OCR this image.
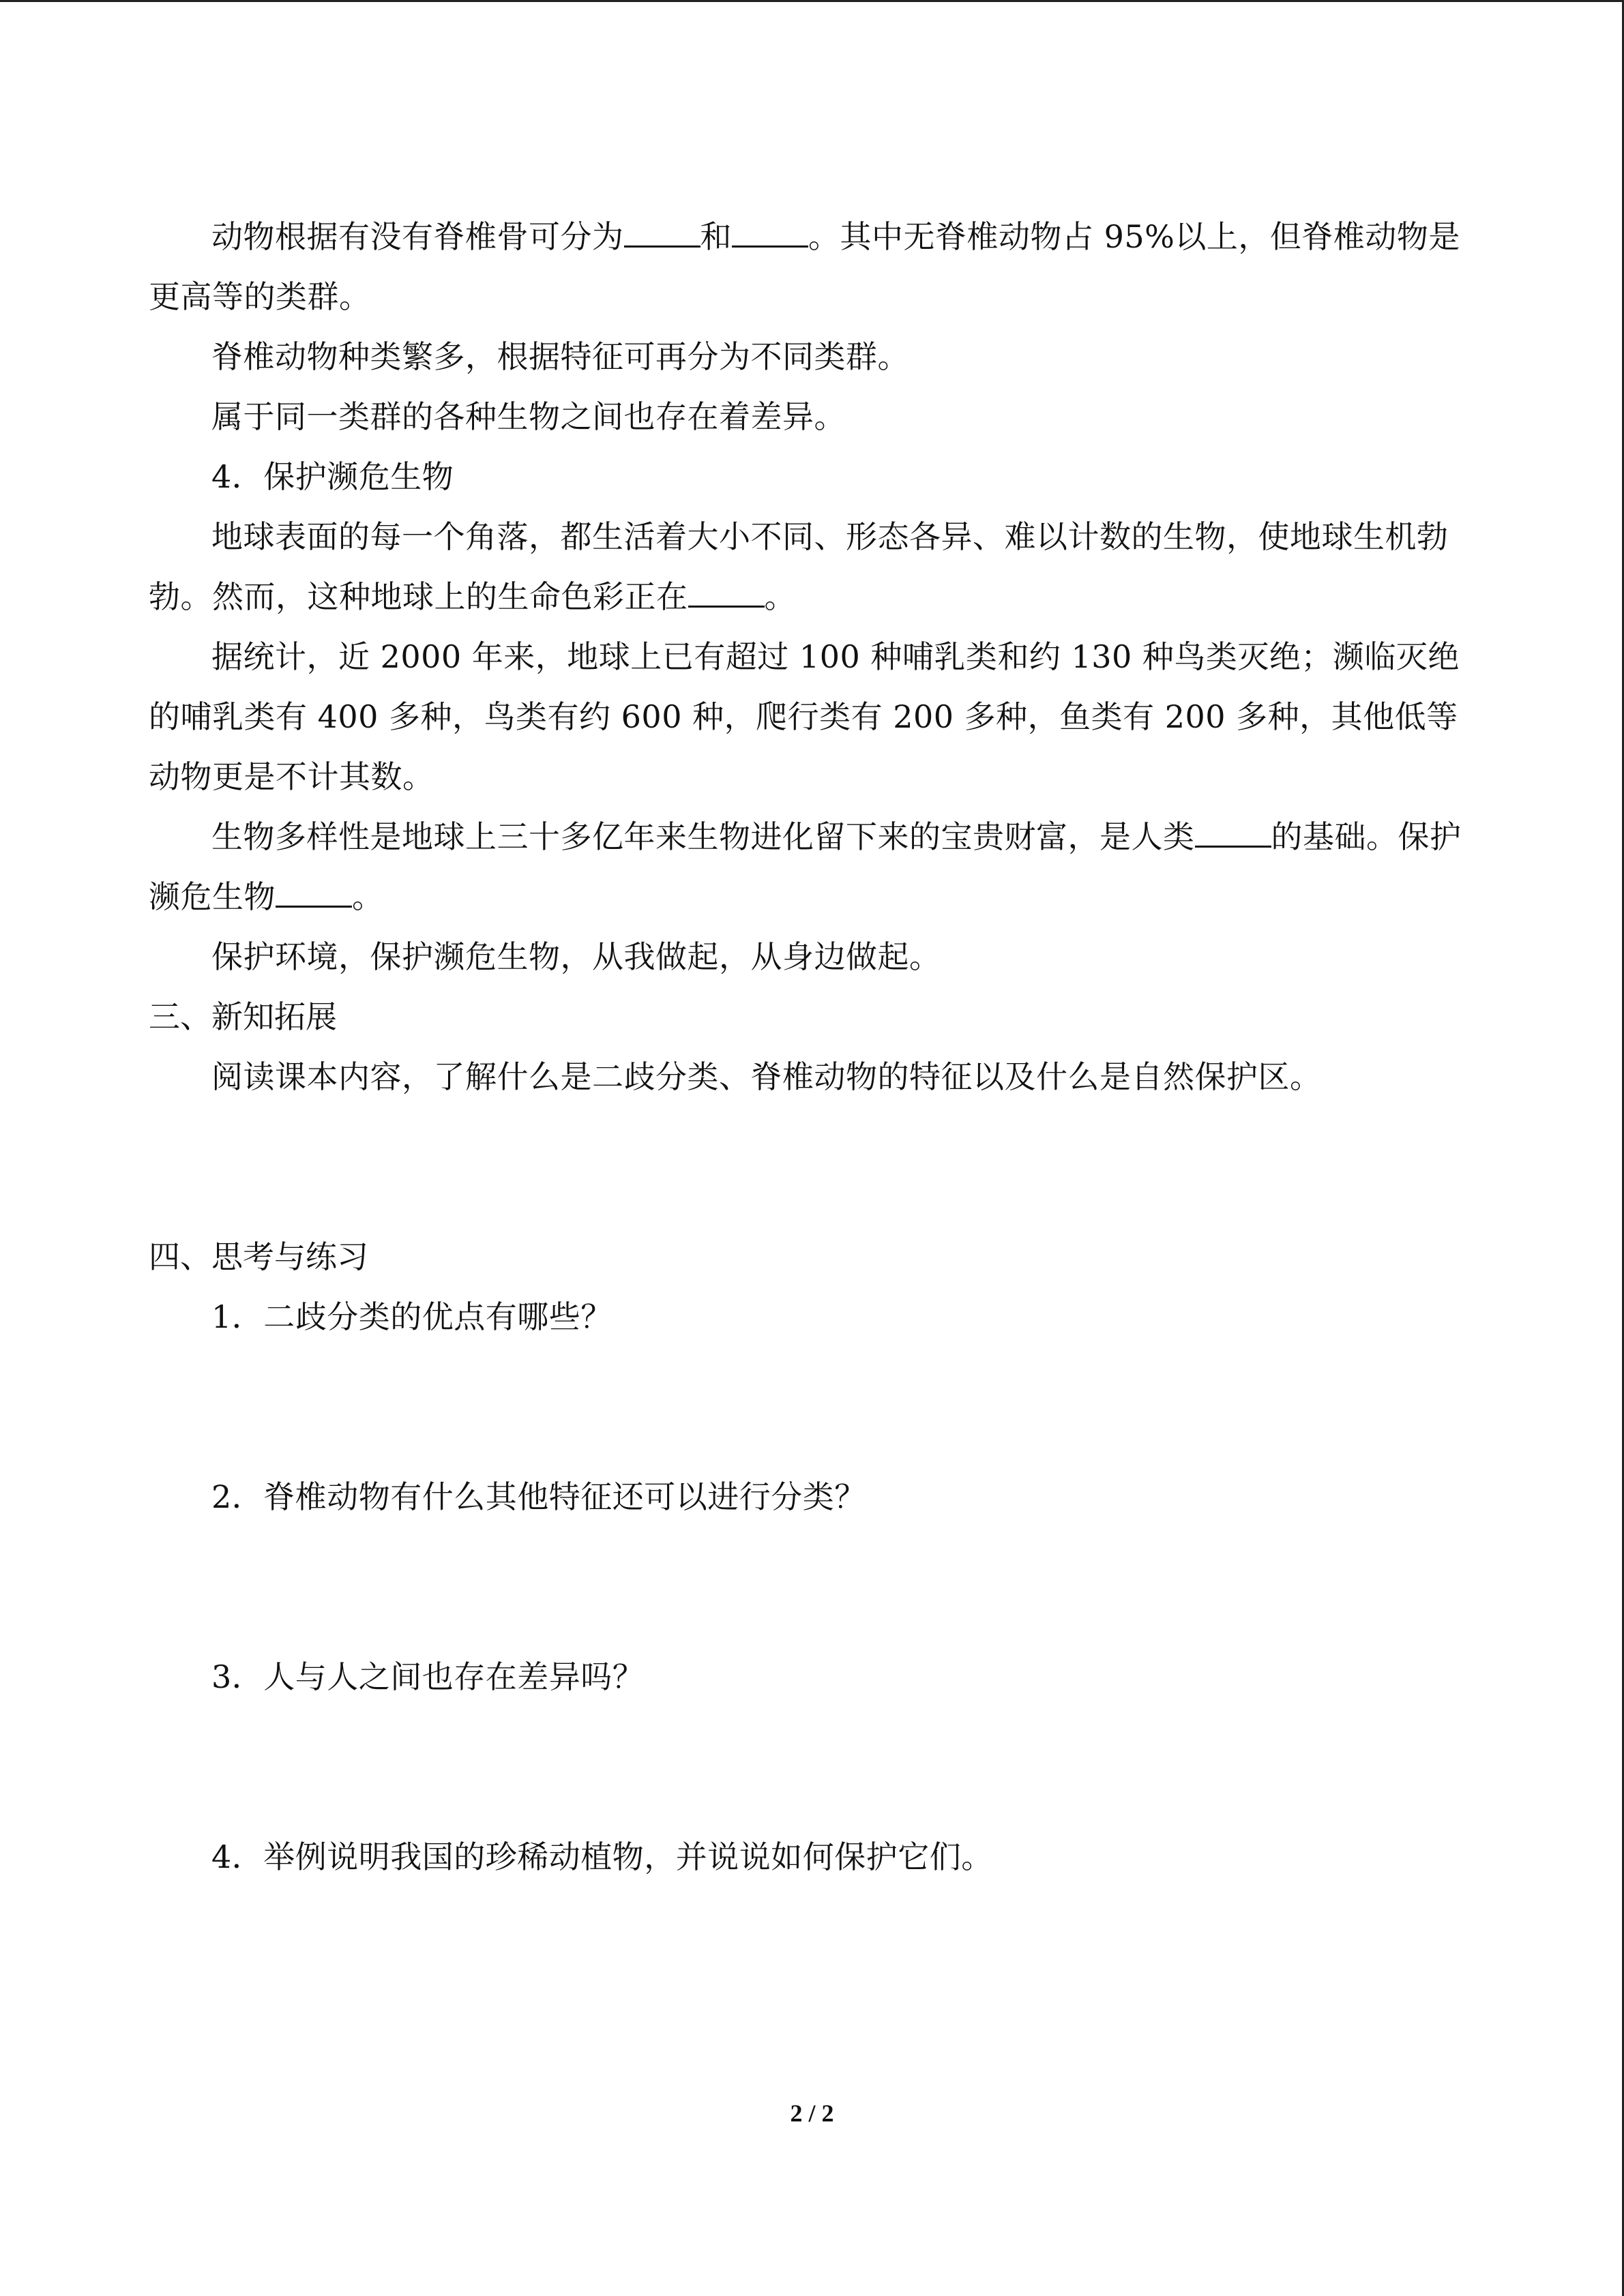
动物根据有没有脊椎骨可分为 和 。其中无脊椎动物占 95%以上，但脊椎动物是更高等的类群。

脊椎动物种类繁多，根据特征可再分为不同类群。

属于同一类群的各种生物之间也存在着差异。

4．保护濒危生物

地球表面的每一个角落，都生活着大小不同、形态各异、难以计数的生物，使地球生机勃勃。然而，这种地球上的生命色彩正在 。

据统计，近 2000 年来，地球上已有超过 100 种哺乳类和约 130 种鸟类灭绝；濒临灭绝的哺乳类有 400 多种，鸟类有约 600 种，爬行类有 200 多种，鱼类有 200 多种，其他低等动物更是不计其数。

生物多样性是地球上三十多亿年来生物进化留下来的宝贵财富，是人类 的基础。保护濒危生物 。

保护环境，保护濒危生物，从我做起，从身边做起。

三、新知拓展

阅读课本内容，了解什么是二歧分类、脊椎动物的特征以及什么是自然保护区。

四、思考与练习

1．二歧分类的优点有哪些？

2．脊椎动物有什么其他特征还可以进行分类？

3．人与人之间也存在差异吗？

4．举例说明我国的珍稀动植物，并说说如何保护它们。

2 / 2
